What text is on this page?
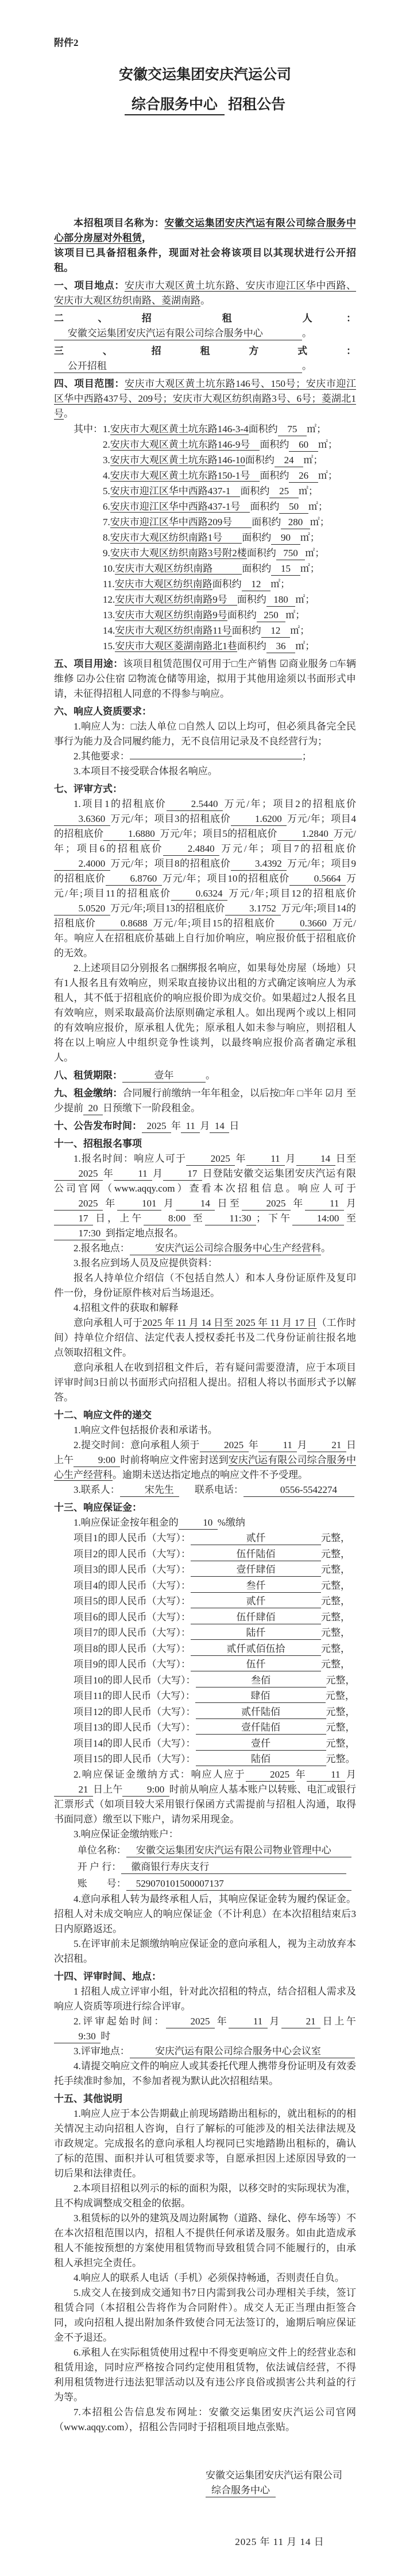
附件2

安徽交运集团安庆汽运公司

综合服务中心 招租公告

本招租项目名称为：安徽交运集团安庆汽运有限公司综合服务中心部分房屋对外租赁，

该项目已具备招租条件，现面对社会将该项目以其现状进行公开招租。

一、项目地点：安庆市大观区黄土坑东路、安庆市迎江区华中西路、安庆市大观区纺织南路、菱湖南路。

二、招 租 人：安徽交运集团安庆汽运有限公司综合服务中心	。

三、招租方式：公开招租	。

四、项目范围：安庆市大观区黄土坑东路146号、150号；安庆市迎江区华中西路437号、209号；安庆市大观区纺织南路3号、6号；菱湖北1号。

其中：1.安庆市大观区黄土坑东路146-3-4面积约 75 ㎡；
2.安庆市大观区黄土坑东路146-9号　面积约 60 ㎡；
3.安庆市大观区黄土坑东路146-10面积约 24 ㎡；
4.安庆市大观区黄土坑东路150-1号　面积约 26 ㎡；
5.安庆市迎江区华中西路437-1　面积约 25 ㎡；
6.安庆市迎江区华中西路437-1号　面积约 50 ㎡；
7.安庆市迎江区华中西路209号　　面积约 280 ㎡；
8.安庆市大观区纺织南路1号　　面积约 90 ㎡；
9.安庆市大观区纺织南路3号附2楼面积约 750 ㎡；
10.安庆市大观区纺织南路　　　面积约 15 ㎡；
11.安庆市大观区纺织南路面积约 12 ㎡；
12.安庆市大观区纺织南路9号　面积约 180 ㎡；
13.安庆市大观区纺织南路9号面积约 250 ㎡；
14.安庆市大观区纺织南路11号面积约 12 ㎡；
15.安庆市大观区菱湖南路北1巷面积约 36 ㎡；

五、项目用途：该项目租赁范围仅可用于□生产销售 ☑商业服务 □车辆维修 ☑办公住宿 ☑物流仓储等用途，拟用于其他用途须以书面形式申请，未征得招租人同意的不得参与响应。

六、响应人资质要求：

1.响应人为：□法人单位 □自然人 ☑以上均可，但必须具备完全民事行为能力及合同履约能力，无不良信用记录及不良经营行为；

2.其他要求：	；

3.本项目不接受联合体报名响应。

七、评审方式：

1.项目1的招租底价	2.5440 万元/年；项目2的招租底价3.6360 万元/年；项目3的招租底价	1.6200 万元/年；项目4的招租底价	1.6880 万元/年；项目5的招租底价	1.2840 万元/年；项目6的招租底价	2.4840 万元/年；项目7的招租底价2.4000 万元/年；项目8的招租底价	3.4392 万元/年；项目9的招租底价	6.8760 万元/年；项目10的招租底价	0.5664 万元/年;项目11的招租底价	0.6324 万元/年;项目12的招租底价5.0520 万元/年;项目13的招租底价	3.1752 万元/年;项目14的招租底价	0.8688 万元/年;项目15的招租底价	0.3660 万元/年。响应人在招租底价基础上自行加价响应，响应报价低于招租底价的无效。

2.上述项目☑分别报名 □捆绑报名响应，如果每处房屋（场地）只有1人报名且有效响应，则采取直接协议出租的方式确定该响应人为承租人，其不低于招租底价的响应报价即为成交价。如果超过2人报名且有效响应，则采取最高价法原则确定承租人。如出现两个或以上相同的有效响应报价，原承租人优先；原承租人如未参与响应，则招租人将在以上响应人中组织竞争性谈判，以最终响应报价高者确定承租人。

八、租赁期限：	壹年	。

九、租金缴纳：合同履行前缴纳一年年租金，以后按□年 □半年 ☑月 至少提前 20 日预缴下一阶段租金。

十、公告发布时间： 2025 年 11 月 14 日

十一、招租报名事项

1.报名时间：响应人可于	2025 年	11 月	14 日至2025 年	11 月	17 日登陆安徽交运集团安庆汽运有限公司官网（www.aqqy.com）查看本次招租信息。响应人可于2025 年	101 月	14 日至	2025 年	11 月17 日，上午	8:00 至	11:30 ；下午	14:00 至17:30 到指定地点报名。

2.报名地点：	安庆汽运公司综合服务中心生产经营科。

3.报名应到场人员及应提供资料：

报名人持单位介绍信（不包括自然人）和本人身份证原件及复印件一份，身份证原件核对后当场退还。

4.招租文件的获取和解释

意向承租人可于2025 年 11 月 14 日至 2025 年 11 月 17 日（工作时间）持单位介绍信、法定代表人授权委托书及二代身份证前往报名地点领取招租文件。

意向承租人在收到招租文件后，若有疑问需要澄清，应于本项目评审时间3日前以书面形式向招租人提出。招租人将以书面形式予以解答。

十二、响应文件的递交

1.响应文件包括报价表和承诺书。

2.提交时间：意向承租人须于	2025 年	11 月	21 日上午	9:00 时前将响应文件密封送到安庆汽运有限公司综合服务中心生产经营科。逾期未送达指定地点的响应文件不予受理。

3.联系人：	宋先生 联系电话：	0556-5542274

十三、响应保证金：

1.响应保证金按年租金的	10 %缴纳

项目1的即人民币（大写）：	贰仟	元整，
项目2的即人民币（大写）：	伍仟陆佰	元整，
项目3的即人民币（大写）：	壹仟肆佰	元整，
项目4的即人民币（大写）：	叁仟	元整，
项目5的即人民币（大写）：	贰仟	元整，
项目6的即人民币（大写）：	伍仟肆佰	元整，
项目7的即人民币（大写）：	陆仟	元整，
项目8的即人民币（大写）：	贰仟贰佰伍拾	元整，
项目9的即人民币（大写）：	伍仟	元整，
项目10的即人民币（大写）：	叁佰	元整，
项目11的即人民币（大写）：	肆佰	元整，
项目12的即人民币（大写）：	贰仟陆佰	元整，
项目13的即人民币（大写）：	壹仟陆佰	元整，
项目14的即人民币（大写）：	壹仟	元整，
项目15的即人民币（大写）：	陆佰	元整。

2.响应保证金缴纳方式：响应人应于	2025 年	11 月21 日上午	9:00 时前从响应人基本账户以转账、电汇或银行汇票形式（如项目较大采用银行保函方式需提前与招租人沟通，取得书面同意）缴至以下账户，请勿采用现金。

3.响应保证金缴纳账户：

单位名称： 安徽交运集团安庆汽运有限公司物业管理中心
开 户 行： 徽商银行寿庆支行
账　　号： 529070101500007137

4.意向承租人转为最终承租人后，其响应保证金转为履约保证金。招租人对未成交响应人的响应保证金（不计利息）在本次招租结束后3日内原路返还。

5.在评审前未足额缴纳响应保证金的意向承租人，视为主动放弃本次招租。

十四、评审时间、地点：

1 招租人成立评审小组，针对此次招租的特点，结合招租人需求及响应人资质等项进行综合评审。

2.评审起始时间：	2025 年	11 月	21 日上午9:30 时

3.评审地点：	安庆汽运有限公司综合服务中心会议室

4.请提交响应文件的响应人或其委托代理人携带身份证明及有效委托手续准时参加，不参加者视为默认此次招租结果。

十五、其他说明

1.响应人应于本公告期截止前现场踏勘出租标的，就出租标的的相关情况主动向招租人咨询，自行了解标的可能涉及的相关法律法规及市政规定。完成报名的意向承租人均视同已实地踏勘出租标的，确认了标的范围、面积并认可租赁要求等，自愿承担因上述原因导致的一切后果和法律责任。

2.本项目招租以列示的标的面积为限，以移交时的实际现状为准，且不构成调整成交租金的依据。

3.租赁标的以外的建筑及周边附属物（道路、绿化、停车场等）不在本次招租范围以内，招租人不提供任何承诺及服务。如由此造成承租人不能按预想的方案使用租赁物而导致租赁合同不能履行的，由承租人承担完全责任。

4.响应人的联系人电话（手机）必须保持畅通，否则责任自负。

5.成交人在接到成交通知书7日内需到我公司办理相关手续，签订租赁合同（本招租公告将作为合同附件）。成交人无正当理由拒签合同，或向招租人提出附加条件致使合同无法签订的，逾期后响应保证金不予退还。

6.承租人在实际租赁使用过程中不得变更响应文件上的经营业态和租赁用途，同时应严格按合同约定使用租赁物，依法诚信经营，不得利用租赁物进行违法犯罪活动以及有违公序良俗或损害公共利益的行为等。

7.本招租公告信息发布网址：安徽交运集团安庆汽运公司官网（www.aqqy.com），招租公告同时于招租项目地点张贴。

安徽交运集团安庆汽运有限公司

综合服务中心

2025 年 11 月 14 日
